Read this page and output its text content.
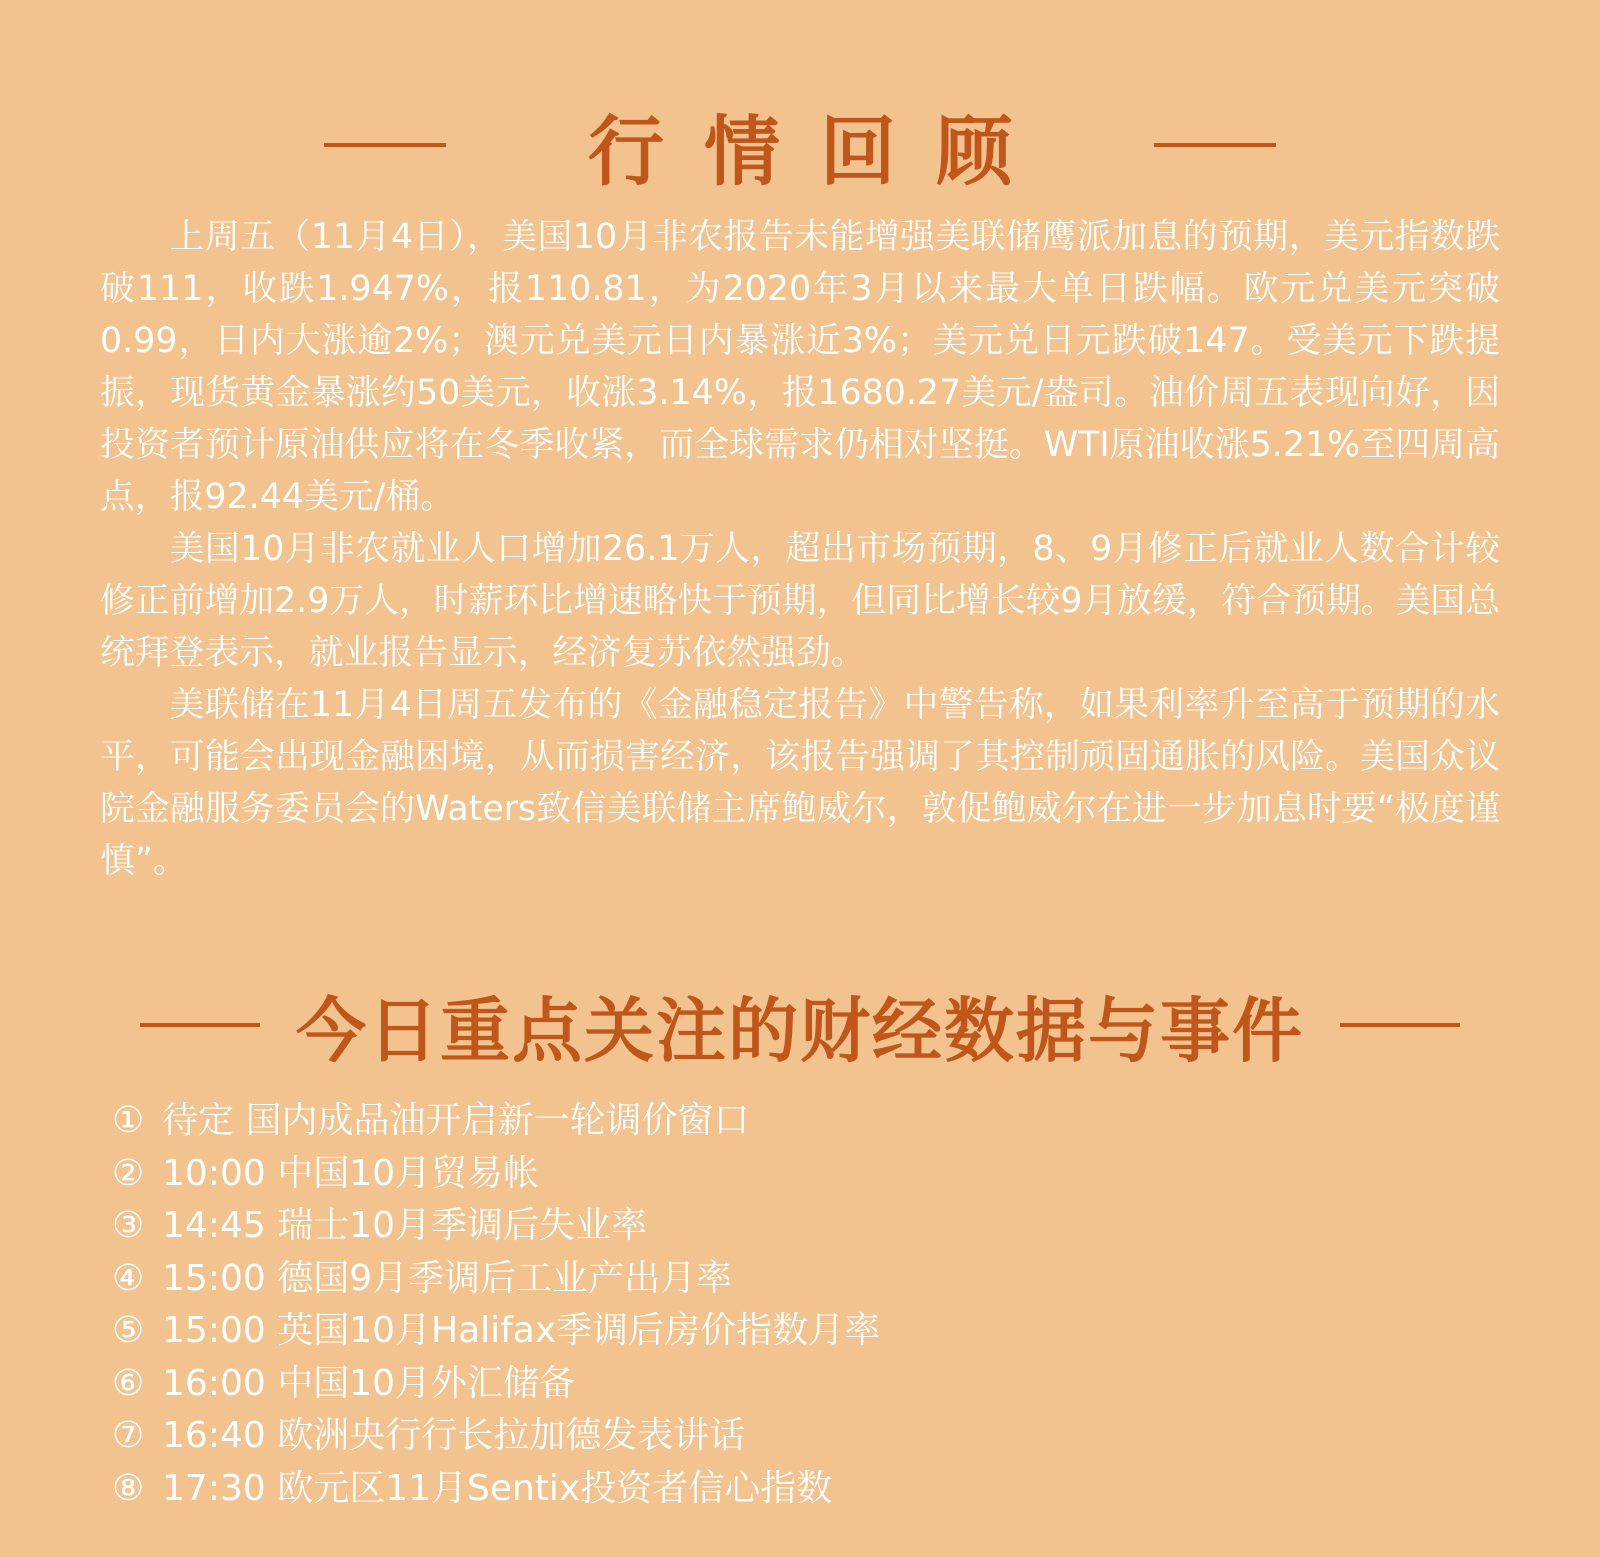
行情回顾

上周五（11月4日），美国10月非农报告未能增强美联储鹰派加息的预期，美元指数跌破111，收跌1.947%，报110.81，为2020年3月以来最大单日跌幅。欧元兑美元突破0.99，日内大涨逾2%；澳元兑美元日内暴涨近3%；美元兑日元跌破147。受美元下跌提振，现货黄金暴涨约50美元，收涨3.14%，报1680.27美元/盎司。油价周五表现向好，因投资者预计原油供应将在冬季收紧，而全球需求仍相对坚挺。WTI原油收涨5.21%至四周高点，报92.44美元/桶。

美国10月非农就业人口增加26.1万人，超出市场预期，8、9月修正后就业人数合计较修正前增加2.9万人，时薪环比增速略快于预期，但同比增长较9月放缓，符合预期。美国总统拜登表示，就业报告显示，经济复苏依然强劲。

美联储在11月4日周五发布的《金融稳定报告》中警告称，如果利率升至高于预期的水平，可能会出现金融困境，从而损害经济，该报告强调了其控制顽固通胀的风险。美国众议院金融服务委员会的Waters致信美联储主席鲍威尔，敦促鲍威尔在进一步加息时要“极度谨慎”。

今日重点关注的财经数据与事件
① 待定 国内成品油开启新一轮调价窗口
② 10:00 中国10月贸易帐
③ 14:45 瑞士10月季调后失业率
④ 15:00 德国9月季调后工业产出月率
⑤ 15:00 英国10月Halifax季调后房价指数月率
⑥ 16:00 中国10月外汇储备
⑦ 16:40 欧洲央行行长拉加德发表讲话
⑧ 17:30 欧元区11月Sentix投资者信心指数
